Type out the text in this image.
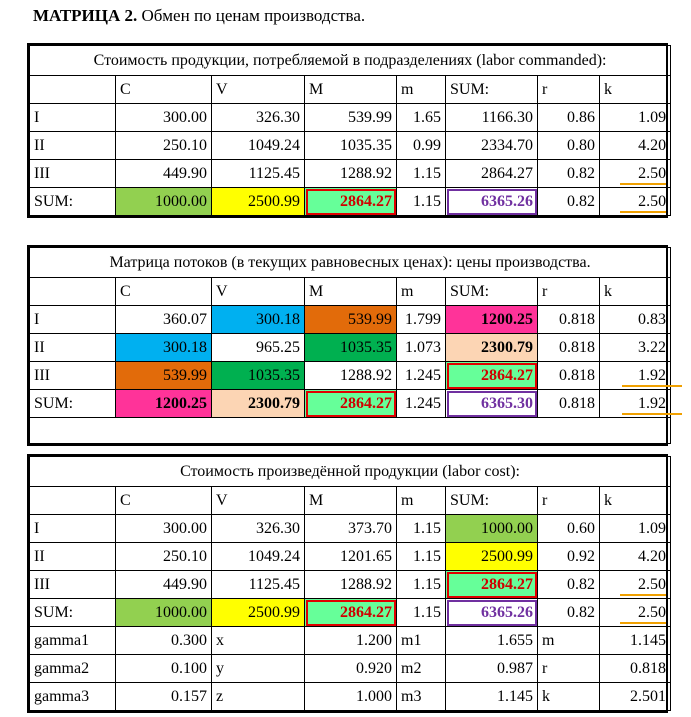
МАТРИЦА 2. Обмен по ценам производства.
Стоимость продукции, потребляемой в подразделениях (labor commanded):							
	C	V	M	m	SUM:	r	k
I	300.00	326.30	539.99	1.65	1166.30	0.86	1.09
II	250.10	1049.24	1035.35	0.99	2334.70	0.80	4.20
III	449.90	1125.45	1288.92	1.15	2864.27	0.82	2.50
SUM:	1000.00	2500.99	2864.27	1.15	6365.26	0.82	2.50
Матрица потоков (в текущих равновесных ценах): цены производства.							
	C	V	M	m	SUM:	r	k
I	360.07	300.18	539.99	1.799	1200.25	0.818	0.83
II	300.18	965.25	1035.35	1.073	2300.79	0.818	3.22
III	539.99	1035.35	1288.92	1.245	2864.27	0.818	1.92
SUM:	1200.25	2300.79	2864.27	1.245	6365.30	0.818	1.92

Стоимость произведённой продукции (labor cost):							
	C	V	M	m	SUM:	r	k
I	300.00	326.30	373.70	1.15	1000.00	0.60	1.09
II	250.10	1049.24	1201.65	1.15	2500.99	0.92	4.20
III	449.90	1125.45	1288.92	1.15	2864.27	0.82	2.50
SUM:	1000.00	2500.99	2864.27	1.15	6365.26	0.82	2.50
gamma1	0.300	x	1.200	m1	1.655	m	1.145
gamma2	0.100	y	0.920	m2	0.987	r	0.818
gamma3	0.157	z	1.000	m3	1.145	k	2.501
